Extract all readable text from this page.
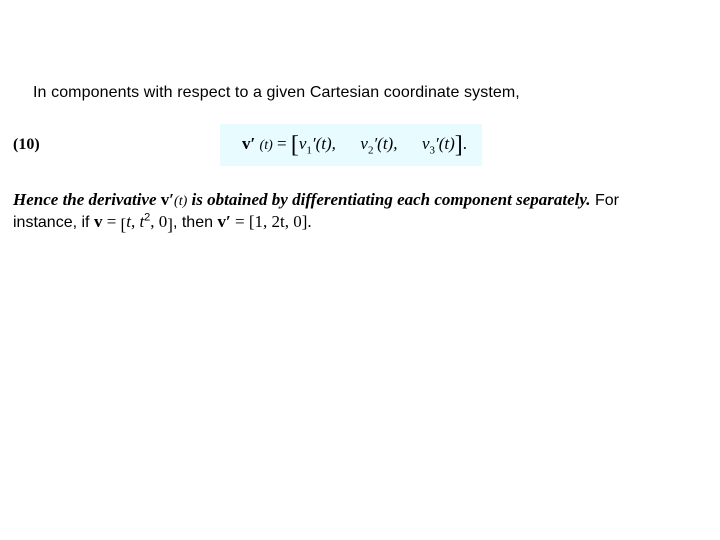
In components with respect to a given Cartesian coordinate system,
(10)	v′ $(t) = [v_1'(t)$, $v_2'(t)$, $v_3'(t)$].
Hence the derivative v′(t) is obtained by differentiating each component separately. For
instance, if v = [t, $t^2$, 0], then v′ = [1, 2t, 0].
